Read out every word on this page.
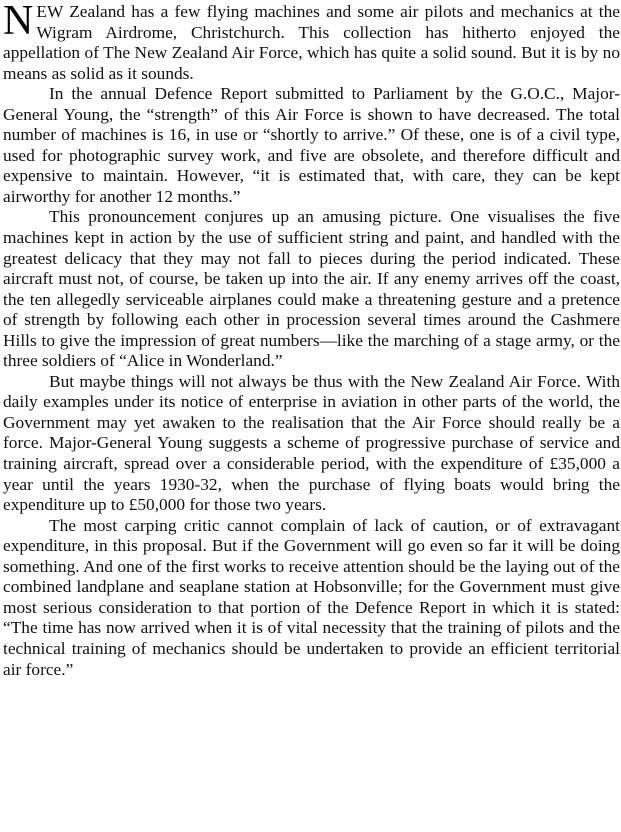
NEW Zealand has a few flying machines and some air pilots and mechanics at the Wigram Airdrome, Christchurch. This collection has hitherto enjoyed the appellation of The New Zealand Air Force, which has quite a solid sound. But it is by no means as solid as it sounds.

In the annual Defence Report submitted to Parliament by the G.O.C., Major-General Young, the “strength” of this Air Force is shown to have decreased. The total number of machines is 16, in use or “shortly to arrive.” Of these, one is of a civil type, used for photographic survey work, and five are obsolete, and therefore difficult and expensive to maintain. However, “it is estimated that, with care, they can be kept airworthy for another 12 months.”

This pronouncement conjures up an amusing picture. One visualises the five machines kept in action by the use of sufficient string and paint, and handled with the greatest delicacy that they may not fall to pieces during the period indicated. These aircraft must not, of course, be taken up into the air. If any enemy arrives off the coast, the ten allegedly serviceable airplanes could make a threatening gesture and a pretence of strength by following each other in procession several times around the Cashmere Hills to give the impression of great numbers—like the marching of a stage army, or the three soldiers of “Alice in Wonderland.”

But maybe things will not always be thus with the New Zealand Air Force. With daily examples under its notice of enterprise in aviation in other parts of the world, the Government may yet awaken to the realisation that the Air Force should really be a force. Major-General Young suggests a scheme of progressive purchase of service and training aircraft, spread over a considerable period, with the expenditure of £35,000 a year until the years 1930-32, when the purchase of flying boats would bring the expenditure up to £50,000 for those two years.

The most carping critic cannot complain of lack of caution, or of extravagant expenditure, in this proposal. But if the Government will go even so far it will be doing something. And one of the first works to receive attention should be the laying out of the combined landplane and seaplane station at Hobsonville; for the Government must give most serious consideration to that portion of the Defence Report in which it is stated: “The time has now arrived when it is of vital necessity that the training of pilots and the technical training of mechanics should be undertaken to provide an efficient territorial air force.”
